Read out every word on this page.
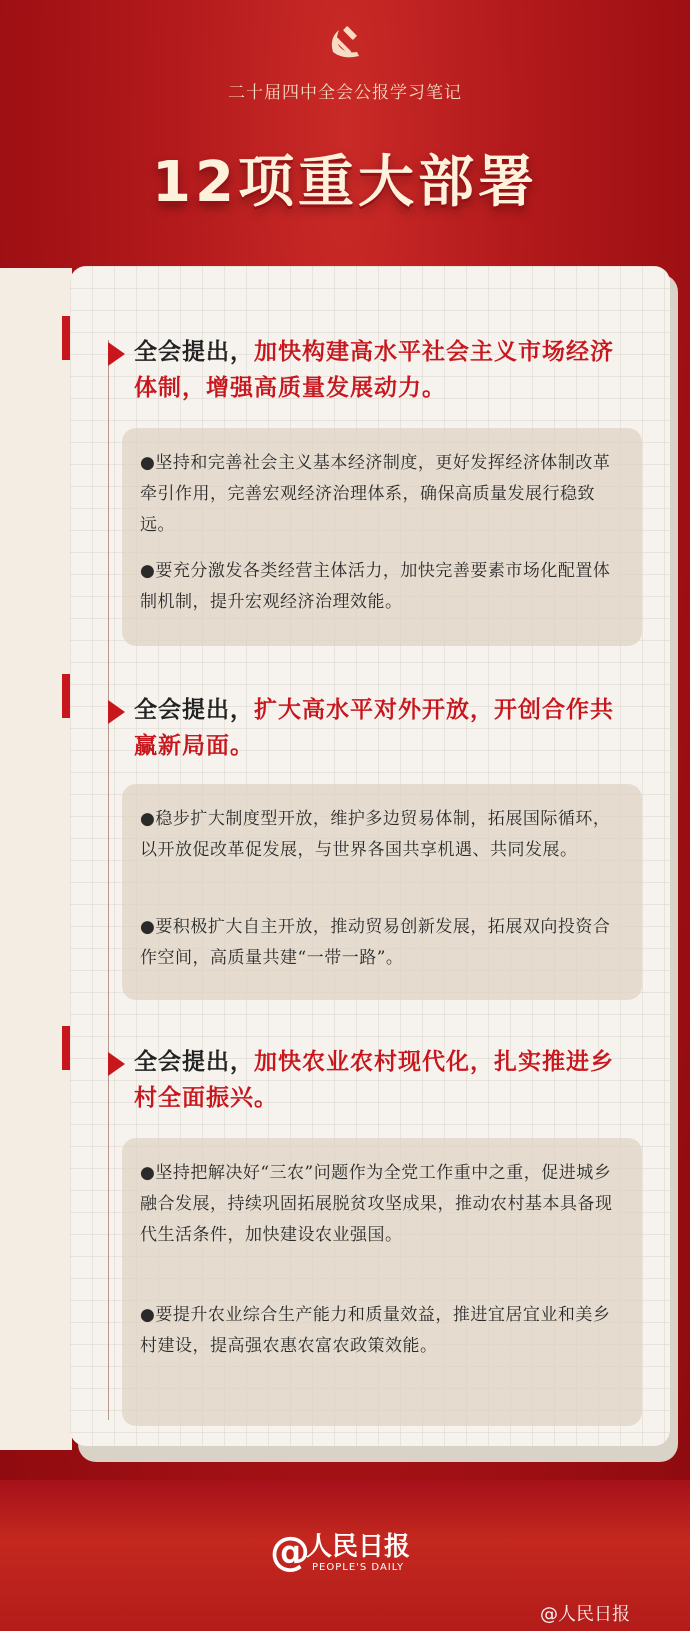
二十届四中全会公报学习笔记
12项重大部署
全会提出，加快构建高水平社会主义市场经济体制，增强高质量发展动力。
●坚持和完善社会主义基本经济制度，更好发挥经济体制改革牵引作用，完善宏观经济治理体系，确保高质量发展行稳致远。
●要充分激发各类经营主体活力，加快完善要素市场化配置体制机制，提升宏观经济治理效能。
全会提出，扩大高水平对外开放，开创合作共赢新局面。
●稳步扩大制度型开放，维护多边贸易体制，拓展国际循环，以开放促改革促发展，与世界各国共享机遇、共同发展。
●要积极扩大自主开放，推动贸易创新发展，拓展双向投资合作空间，高质量共建“一带一路”。
全会提出，加快农业农村现代化，扎实推进乡村全面振兴。
●坚持把解决好“三农”问题作为全党工作重中之重，促进城乡融合发展，持续巩固拓展脱贫攻坚成果，推动农村基本具备现代生活条件，加快建设农业强国。
●要提升农业综合生产能力和质量效益，推进宜居宜业和美乡村建设，提高强农惠农富农政策效能。
@
人民日报
PEOPLE'S DAILY
@人民日报
